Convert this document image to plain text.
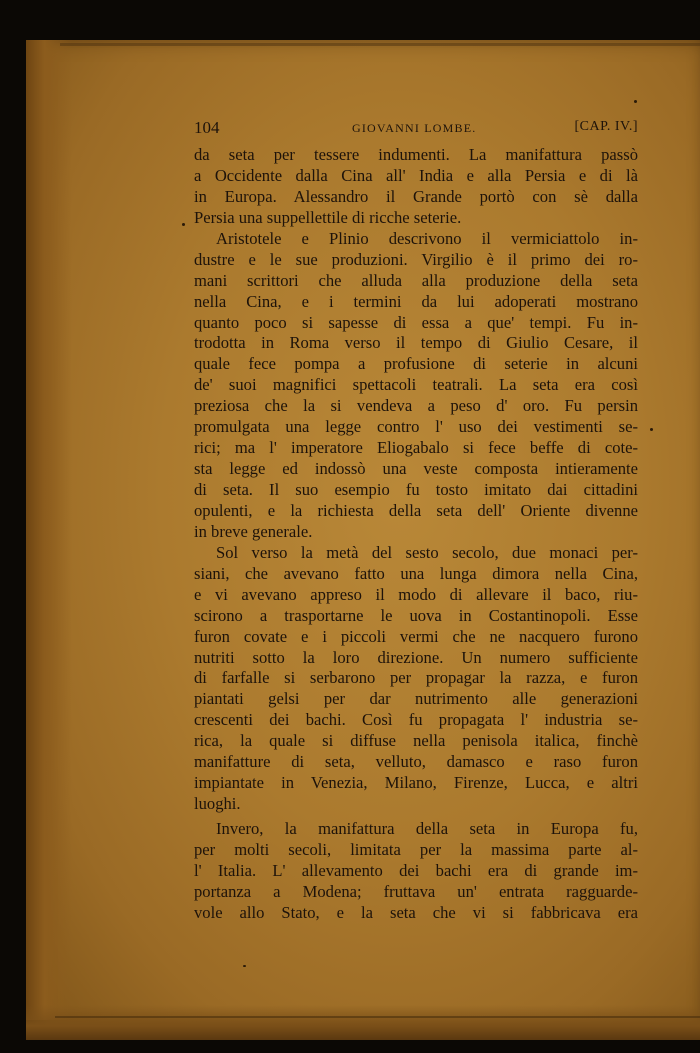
104	GIOVANNI LOMBE.	[CAP. IV.]
da seta per tessere indumenti. La manifattura passò
a Occidente dalla Cina all' India e alla Persia e di là
in Europa. Alessandro il Grande portò con sè dalla
Persia una suppellettile di ricche seterie.
Aristotele e Plinio descrivono il vermiciattolo in-
dustre e le sue produzioni. Virgilio è il primo dei ro-
mani scrittori che alluda alla produzione della seta
nella Cina, e i termini da lui adoperati mostrano
quanto poco si sapesse di essa a que' tempi. Fu in-
trodotta in Roma verso il tempo di Giulio Cesare, il
quale fece pompa a profusione di seterie in alcuni
de' suoi magnifici spettacoli teatrali. La seta era così
preziosa che la si vendeva a peso d' oro. Fu persin
promulgata una legge contro l' uso dei vestimenti se-
rici; ma l' imperatore Eliogabalo si fece beffe di cote-
sta legge ed indossò una veste composta intieramente
di seta. Il suo esempio fu tosto imitato dai cittadini
opulenti, e la richiesta della seta dell' Oriente divenne
in breve generale.
Sol verso la metà del sesto secolo, due monaci per-
siani, che avevano fatto una lunga dimora nella Cina,
e vi avevano appreso il modo di allevare il baco, riu-
scirono a trasportarne le uova in Costantinopoli. Esse
furon covate e i piccoli vermi che ne nacquero furono
nutriti sotto la loro direzione. Un numero sufficiente
di farfalle si serbarono per propagar la razza, e furon
piantati gelsi per dar nutrimento alle generazioni
crescenti dei bachi. Così fu propagata l' industria se-
rica, la quale si diffuse nella penisola italica, finchè
manifatture di seta, velluto, damasco e raso furon
impiantate in Venezia, Milano, Firenze, Lucca, e altri
luoghi.
Invero, la manifattura della seta in Europa fu,
per molti secoli, limitata per la massima parte al-
l' Italia. L' allevamento dei bachi era di grande im-
portanza a Modena; fruttava un' entrata ragguarde-
vole allo Stato, e la seta che vi si fabbricava era
